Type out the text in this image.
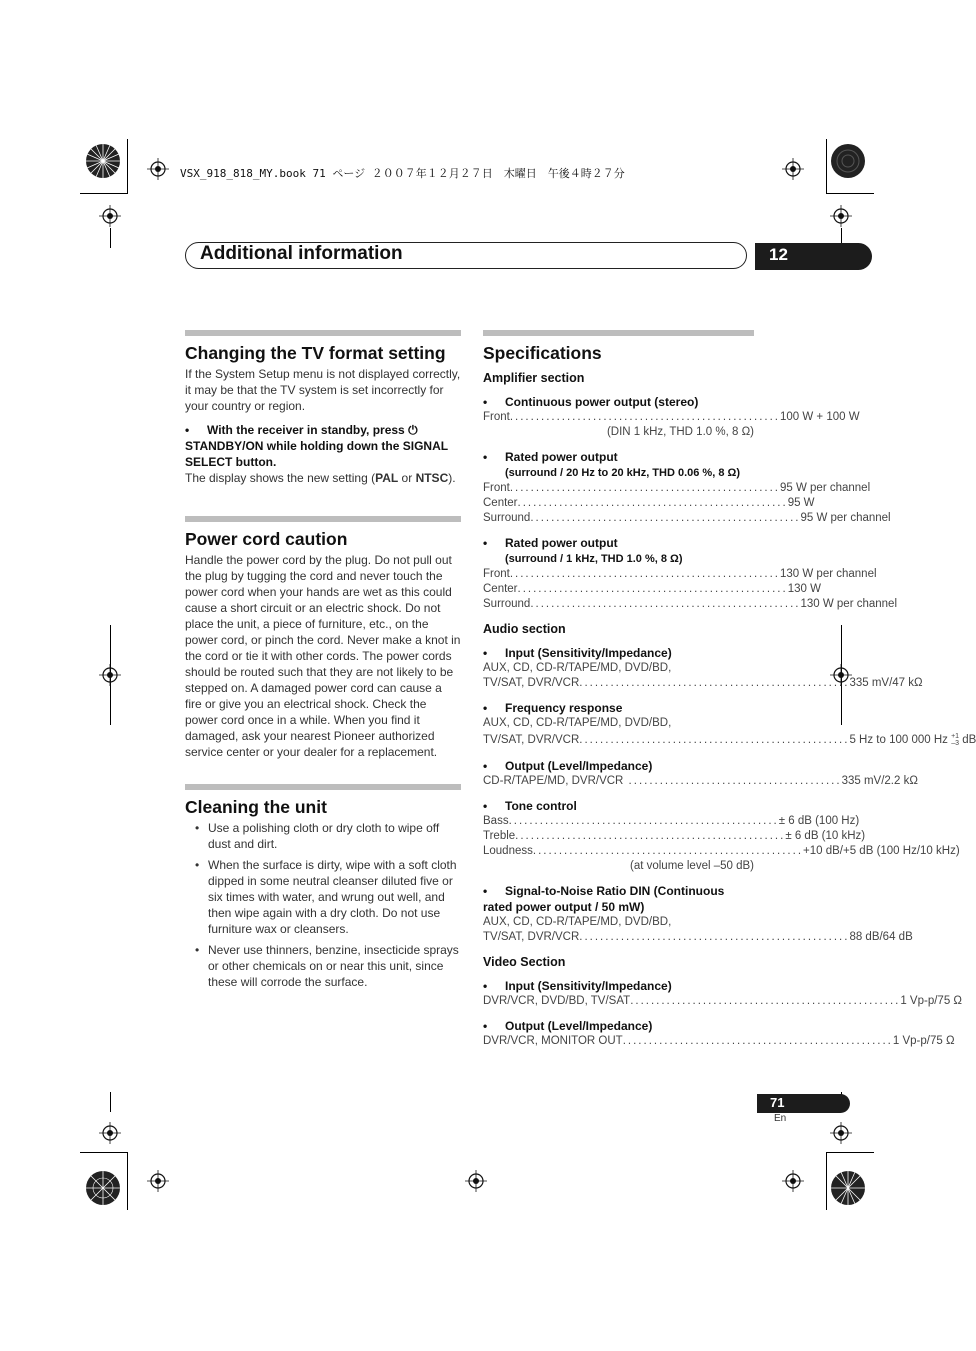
VSX_918_818_MY.book 71 ページ ２００７年１２月２７日　木曜日　午後４時２７分
Additional information	12
Changing the TV format setting

If the System Setup menu is not displayed correctly, it may be that the TV system is set incorrectly for your country or region.

• With the receiver in standby, press ⏻ STANDBY/ON while holding down the SIGNAL SELECT button.

The display shows the new setting (PAL or NTSC).

Power cord caution

Handle the power cord by the plug. Do not pull out the plug by tugging the cord and never touch the power cord when your hands are wet as this could cause a short circuit or an electric shock. Do not place the unit, a piece of furniture, etc., on the power cord, or pinch the cord. Never make a knot in the cord or tie it with other cords. The power cords should be routed such that they are not likely to be stepped on. A damaged power cord can cause a fire or give you an electrical shock. Check the power cord once in a while. When you find it damaged, ask your nearest Pioneer authorized service center or your dealer for a replacement.

Cleaning the unit
• Use a polishing cloth or dry cloth to wipe off dust and dirt.
• When the surface is dirty, wipe with a soft cloth dipped in some neutral cleanser diluted five or six times with water, and wrung out well, and then wipe again with a dry cloth. Do not use furniture wax or cleansers.
• Never use thinners, benzine, insecticide sprays or other chemicals on or near this unit, since these will corrode the surface.
Specifications
Amplifier section

• Continuous power output (stereo)

Front .................................................... 100 W + 100 W
(DIN 1 kHz, THD 1.0 %, 8 Ω)

• Rated power output

(surround / 20 Hz to 20 kHz, THD 0.06 %, 8 Ω)
Front .................................................... 95 W per channel
Center .................................................... 95 W
Surround .................................................... 95 W per channel

• Rated power output

(surround / 1 kHz, THD 1.0 %, 8 Ω)
Front .................................................... 130 W per channel
Center .................................................... 130 W
Surround .................................................... 130 W per channel
Audio section

• Input (Sensitivity/Impedance)

AUX, CD, CD-R/TAPE/MD, DVD/BD,
TV/SAT, DVR/VCR .................................................... 335 mV/47 kΩ

• Frequency response

AUX, CD, CD-R/TAPE/MD, DVD/BD,
TV/SAT, DVR/VCR .................................................... 5 Hz to 100 000 Hz +1
–3 dB

• Output (Level/Impedance)

CD-R/TAPE/MD, DVR/VCR ......................................... 335 mV/2.2 kΩ

• Tone control

Bass .................................................... ± 6 dB (100 Hz)
Treble .................................................... ± 6 dB (10 kHz)
Loudness .................................................... +10 dB/+5 dB (100 Hz/10 kHz)
(at volume level –50 dB)

• Signal-to-Noise Ratio DIN (Continuous rated power output / 50 mW)

AUX, CD, CD-R/TAPE/MD, DVD/BD,
TV/SAT, DVR/VCR .................................................... 88 dB/64 dB
Video Section

• Input (Sensitivity/Impedance)

DVR/VCR, DVD/BD, TV/SAT .................................................... 1 Vp-p/75 Ω

• Output (Level/Impedance)

DVR/VCR, MONITOR OUT .................................................... 1 Vp-p/75 Ω
71
En
